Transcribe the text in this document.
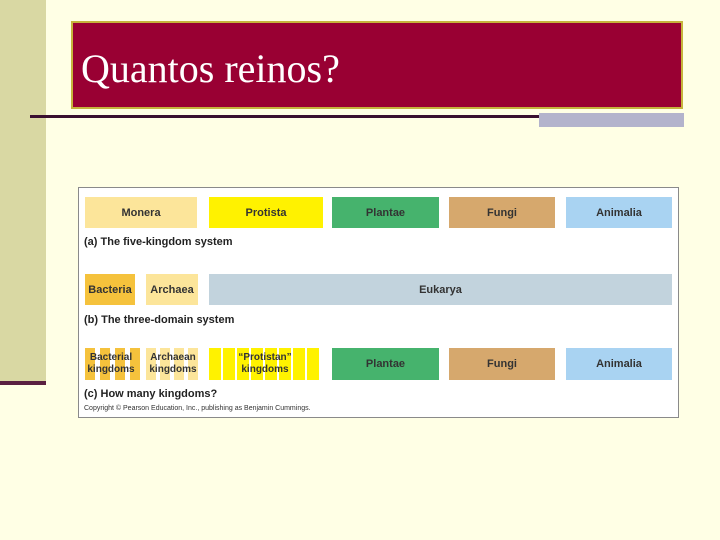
Quantos reinos?
Monera	Protista	Plantae	Fungi	Animalia
(a) The five-kingdom system
Bacteria	Archaea	Eukarya
(b) The three-domain system
Bacterial kingdoms
Archaean kingdoms
“Protistan” kingdoms	Plantae	Fungi	Animalia
(c) How many kingdoms?
Copyright © Pearson Education, Inc., publishing as Benjamin Cummings.
